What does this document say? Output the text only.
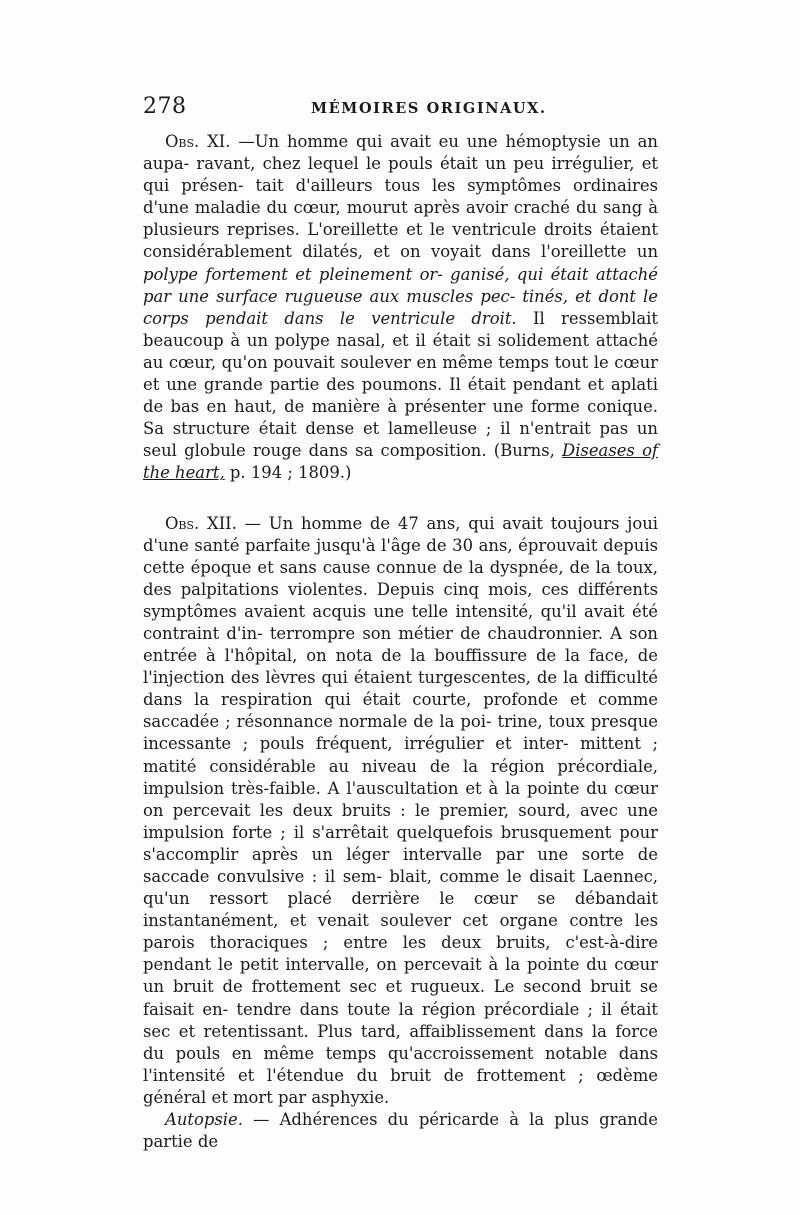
278	MÉMOIRES ORIGINAUX.

Obs. XI. —Un homme qui avait eu une hémoptysie un an aupa- ravant, chez lequel le pouls était un peu irrégulier, et qui présen- tait d'ailleurs tous les symptômes ordinaires d'une maladie du cœur, mourut après avoir craché du sang à plusieurs reprises. L'oreillette et le ventricule droits étaient considérablement dilatés, et on voyait dans l'oreillette un polype fortement et pleinement or- ganisé, qui était attaché par une surface rugueuse aux muscles pec- tinés, et dont le corps pendait dans le ventricule droit. Il ressemblait beaucoup à un polype nasal, et il était si solidement attaché au cœur, qu'on pouvait soulever en même temps tout le cœur et une grande partie des poumons. Il était pendant et aplati de bas en haut, de manière à présenter une forme conique. Sa structure était dense et lamelleuse ; il n'entrait pas un seul globule rouge dans sa composition. (Burns, Diseases of the heart, p. 194 ; 1809.)

Obs. XII. — Un homme de 47 ans, qui avait toujours joui d'une santé parfaite jusqu'à l'âge de 30 ans, éprouvait depuis cette époque et sans cause connue de la dyspnée, de la toux, des palpitations violentes. Depuis cinq mois, ces différents symptômes avaient acquis une telle intensité, qu'il avait été contraint d'in- terrompre son métier de chaudronnier. A son entrée à l'hôpital, on nota de la bouffissure de la face, de l'injection des lèvres qui étaient turgescentes, de la difficulté dans la respiration qui était courte, profonde et comme saccadée ; résonnance normale de la poi- trine, toux presque incessante ; pouls fréquent, irrégulier et inter- mittent ; matité considérable au niveau de la région précordiale, impulsion très-faible. A l'auscultation et à la pointe du cœur on percevait les deux bruits : le premier, sourd, avec une impulsion forte ; il s'arrêtait quelquefois brusquement pour s'accomplir après un léger intervalle par une sorte de saccade convulsive : il sem- blait, comme le disait Laennec, qu'un ressort placé derrière le cœur se débandait instantanément, et venait soulever cet organe contre les parois thoraciques ; entre les deux bruits, c'est-à-dire pendant le petit intervalle, on percevait à la pointe du cœur un bruit de frottement sec et rugueux. Le second bruit se faisait en- tendre dans toute la région précordiale ; il était sec et retentissant. Plus tard, affaiblissement dans la force du pouls en même temps qu'accroissement notable dans l'intensité et l'étendue du bruit de frottement ; œdème général et mort par asphyxie.

Autopsie. — Adhérences du péricarde à la plus grande partie de
